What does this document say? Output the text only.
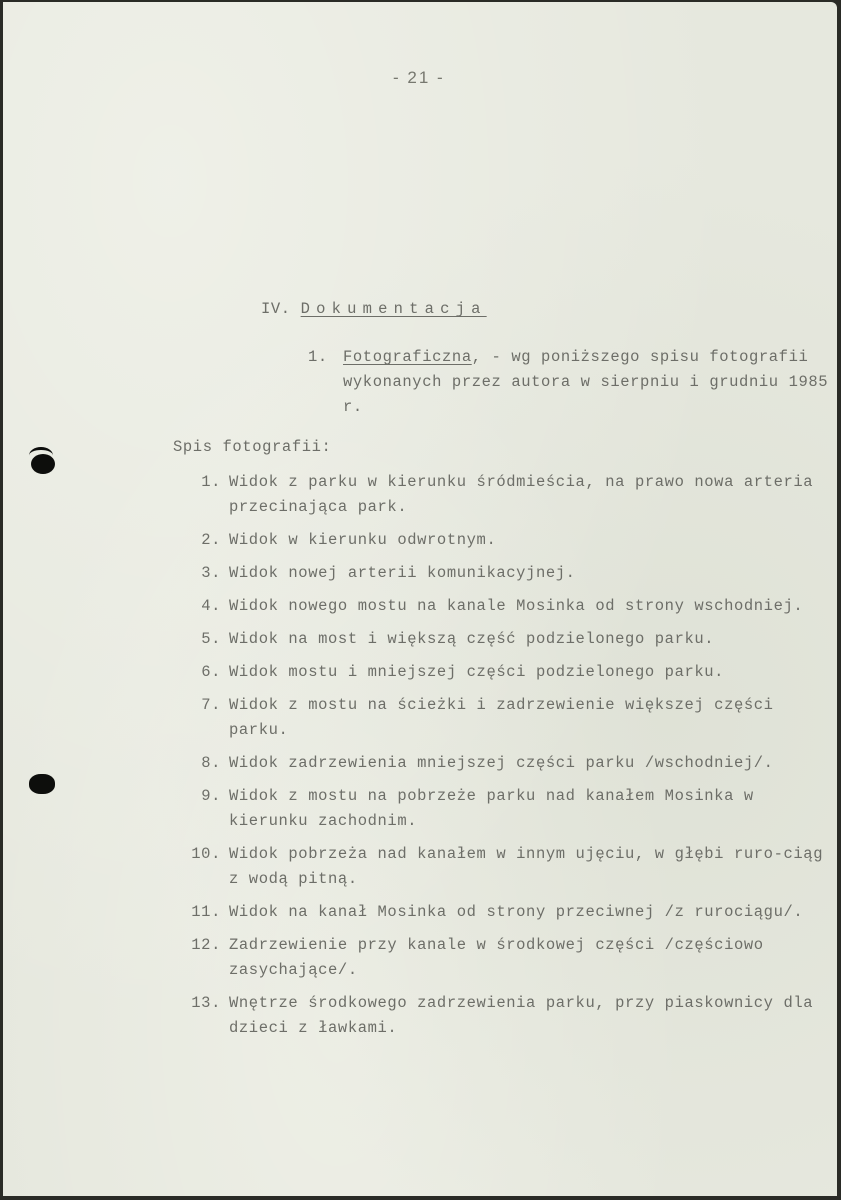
- 21 -
IV. Dokumentacja
1. Fotograficzna, - wg poniższego spisu fotografii wykonanych przez autora w sierpniu i grudniu 1985 r.
Spis fotografii:
1. Widok z parku w kierunku śródmieścia, na prawo nowa arteria przecinająca park.
2. Widok w kierunku odwrotnym.
3. Widok nowej arterii komunikacyjnej.
4. Widok nowego mostu na kanale Mosinka od strony wschodniej.
5. Widok na most i większą część podzielonego parku.
6. Widok mostu i mniejszej części podzielonego parku.
7. Widok z mostu na ścieżki i zadrzewienie większej części parku.
8. Widok zadrzewienia mniejszej części parku /wschodniej/.
9. Widok z mostu na pobrzeże parku nad kanałem Mosinka w kierunku zachodnim.
10. Widok pobrzeża nad kanałem w innym ujęciu, w głębi ruro-ciąg z wodą pitną.
11. Widok na kanał Mosinka od strony przeciwnej /z rurociągu/.
12. Zadrzewienie przy kanale w środkowej części /częściowo zasychające/.
13. Wnętrze środkowego zadrzewienia parku, przy piaskownicy dla dzieci z ławkami.
